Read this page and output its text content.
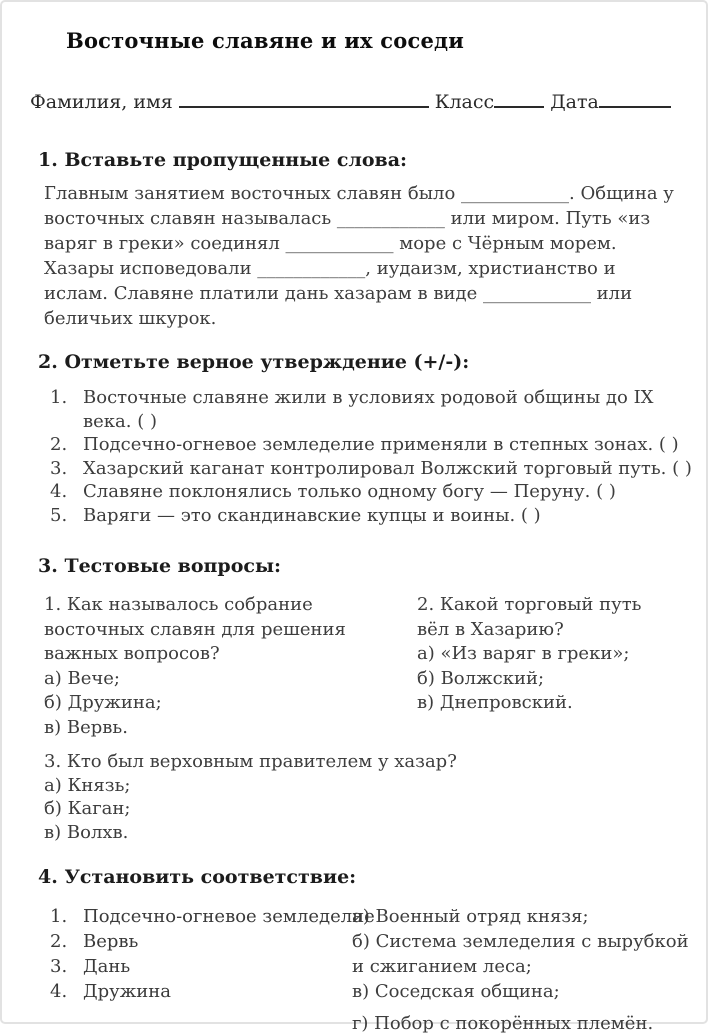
Восточные славяне и их соседи
Фамилия, имя	Класс	Дата
1. Вставьте пропущенные слова:
Главным занятием восточных славян было ____________. Община у
восточных славян называлась ____________ или миром. Путь «из
варяг в греки» соединял ____________ море с Чёрным морем.
Хазары исповедовали ____________, иудаизм, христианство и
ислам. Славяне платили дань хазарам в виде ____________ или
беличьих шкурок.
2. Отметьте верное утверждение (+/-):
1. Восточные славяне жили в условиях родовой общины до IX
века. ( )
2. Подсечно-огневое земледелие применяли в степных зонах. ( )
3. Хазарский каганат контролировал Волжский торговый путь. ( )
4. Славяне поклонялись только одному богу — Перуну. ( )
5. Варяги — это скандинавские купцы и воины. ( )
3. Тестовые вопросы:
1. Как называлось собрание
восточных славян для решения
важных вопросов?
а) Вече;
б) Дружина;
в) Вервь.
2. Какой торговый путь
вёл в Хазарию?
а) «Из варяг в греки»;
б) Волжский;
в) Днепровский.
3. Кто был верховным правителем у хазар?
а) Князь;
б) Каган;
в) Волхв.
4. Установить соответствие:
1. Подсечно-огневое земледелие
2. Вервь
3. Дань
4. Дружина
а) Военный отряд князя;
б) Система земледелия с вырубкой
и сжиганием леса;
в) Соседская община;
г) Побор с покорённых племён.
